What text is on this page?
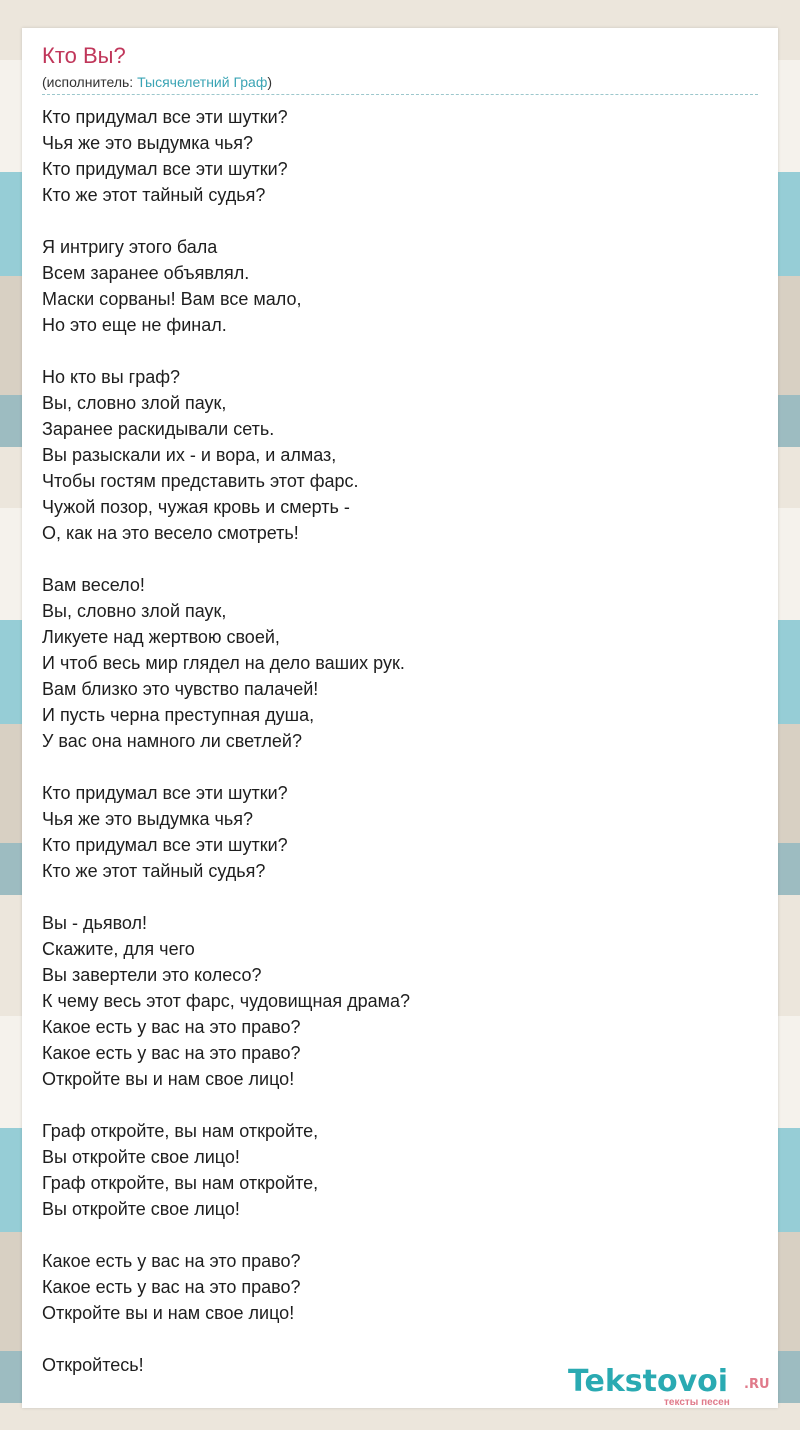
Кто Вы?
(исполнитель: Тысячелетний Граф)
Кто придумал все эти шутки?
Чья же это выдумка чья?
Кто придумал все эти шутки?
Кто же этот тайный судья?
Я интригу этого бала
Всем заранее объявлял.
Маски сорваны! Вам все мало,
Но это еще не финал.
Но кто вы граф?
Вы, словно злой паук,
Заранее раскидывали сеть.
Вы разыскали их - и вора, и алмаз,
Чтобы гостям представить этот фарс.
Чужой позор, чужая кровь и смерть -
О, как на это весело смотреть!
Вам весело!
Вы, словно злой паук,
Ликуете над жертвою своей,
И чтоб весь мир глядел на дело ваших рук.
Вам близко это чувство палачей!
И пусть черна преступная душа,
У вас она намного ли светлей?
Кто придумал все эти шутки?
Чья же это выдумка чья?
Кто придумал все эти шутки?
Кто же этот тайный судья?
Вы - дьявол!
Скажите, для чего
Вы завертели это колесо?
К чему весь этот фарс, чудовищная драма?
Какое есть у вас на это право?
Какое есть у вас на это право?
Откройте вы и нам свое лицо!
Граф откройте, вы нам откройте,
Вы откройте свое лицо!
Граф откройте, вы нам откройте,
Вы откройте свое лицо!
Какое есть у вас на это право?
Какое есть у вас на это право?
Откройте вы и нам свое лицо!
Откройтесь!	Tekstovoi .RU
тексты песен
